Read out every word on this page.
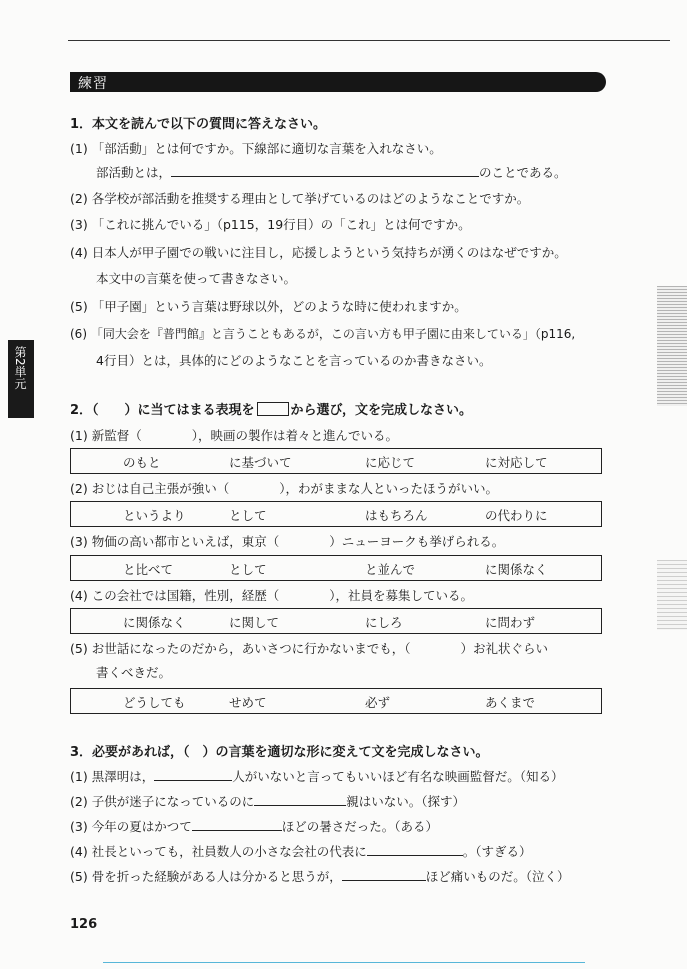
練習
第2単元
1．本文を読んで以下の質問に答えなさい。
(1) 「部活動」とは何ですか。下線部に適切な言葉を入れなさい。
部活動とは，	のことである。
(2) 各学校が部活動を推奨する理由として挙げているのはどのようなことですか。
(3) 「これに挑んでいる」（p115，19行目）の「これ」とは何ですか。
(4) 日本人が甲子園での戦いに注目し，応援しようという気持ちが湧くのはなぜですか。
本文中の言葉を使って書きなさい。
(5) 「甲子園」という言葉は野球以外，どのような時に使われますか。
(6) 「同大会を『普門館』と言うこともあるが，この言い方も甲子園に由来している」（p116,
4行目）とは，具体的にどのようなことを言っているのか書きなさい。
2．（　　）に当てはまる表現を	から選び，文を完成しなさい。
(1) 新監督（　　　　），映画の製作は着々と進んでいる。
のもと	に基づいて	に応じて	に対応して
(2) おじは自己主張が強い（　　　　），わがままな人といったほうがいい。
というより	として	はもちろん	の代わりに
(3) 物価の高い都市といえば，東京（　　　　）ニューヨークも挙げられる。
と比べて	として	と並んで	に関係なく
(4) この会社では国籍，性別，経歴（　　　　），社員を募集している。
に関係なく	に関して	にしろ	に問わず
(5) お世話になったのだから，あいさつに行かないまでも，（　　　　）お礼状ぐらい
書くべきだ。
どうしても	せめて	必ず	あくまで
3．必要があれば，（　）の言葉を適切な形に変えて文を完成しなさい。
(1) 黒澤明は，	人がいないと言ってもいいほど有名な映画監督だ。（知る）
(2) 子供が迷子になっているのに	親はいない。（探す）
(3) 今年の夏はかつて	ほどの暑さだった。（ある）
(4) 社長といっても，社員数人の小さな会社の代表に	。（すぎる）
(5) 骨を折った経験がある人は分かると思うが，	ほど痛いものだ。（泣く）
126
